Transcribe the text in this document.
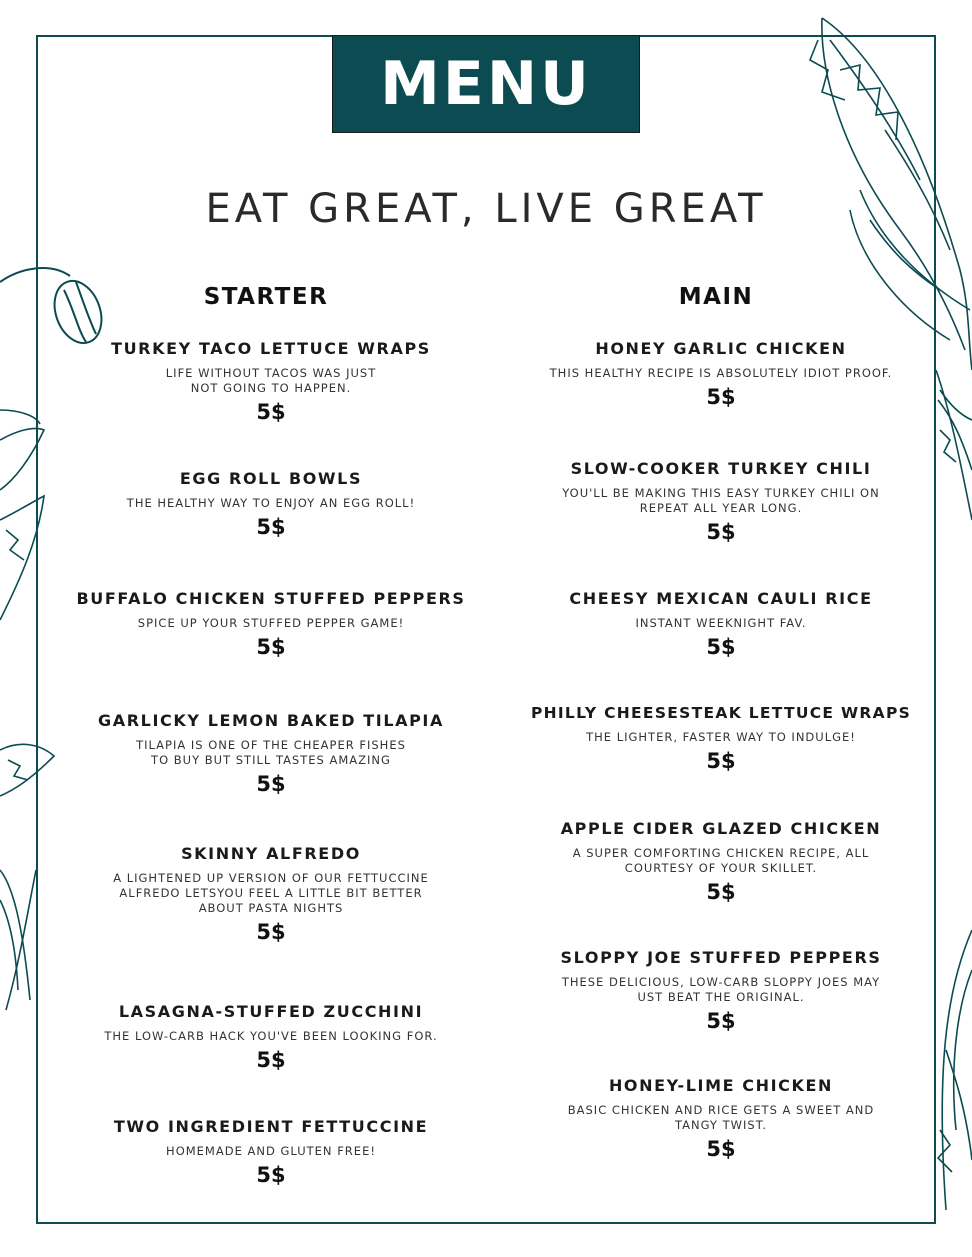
MENU
EAT GREAT, LIVE GREAT
STARTER	MAIN
TURKEY TACO LETTUCE WRAPS
LIFE WITHOUT TACOS WAS JUST
NOT GOING TO HAPPEN.
5$
EGG ROLL BOWLS
THE HEALTHY WAY TO ENJOY AN EGG ROLL!
5$
BUFFALO CHICKEN STUFFED PEPPERS
SPICE UP YOUR STUFFED PEPPER GAME!
5$
GARLICKY LEMON BAKED TILAPIA
TILAPIA IS ONE OF THE CHEAPER FISHES
TO BUY BUT STILL TASTES AMAZING
5$
SKINNY ALFREDO
A LIGHTENED UP VERSION OF OUR FETTUCCINE
ALFREDO LETSYOU FEEL A LITTLE BIT BETTER
ABOUT PASTA NIGHTS
5$
LASAGNA-STUFFED ZUCCHINI
THE LOW-CARB HACK YOU'VE BEEN LOOKING FOR.
5$
TWO INGREDIENT FETTUCCINE
HOMEMADE AND GLUTEN FREE!
5$
HONEY GARLIC CHICKEN
THIS HEALTHY RECIPE IS ABSOLUTELY IDIOT PROOF.
5$
SLOW-COOKER TURKEY CHILI
YOU'LL BE MAKING THIS EASY TURKEY CHILI ON
REPEAT ALL YEAR LONG.
5$
CHEESY MEXICAN CAULI RICE
INSTANT WEEKNIGHT FAV.
5$
PHILLY CHEESESTEAK LETTUCE WRAPS
THE LIGHTER, FASTER WAY TO INDULGE!
5$
APPLE CIDER GLAZED CHICKEN
A SUPER COMFORTING CHICKEN RECIPE, ALL
COURTESY OF YOUR SKILLET.
5$
SLOPPY JOE STUFFED PEPPERS
THESE DELICIOUS, LOW-CARB SLOPPY JOES MAY
UST BEAT THE ORIGINAL.
5$
HONEY-LIME CHICKEN
BASIC CHICKEN AND RICE GETS A SWEET AND
TANGY TWIST.
5$
